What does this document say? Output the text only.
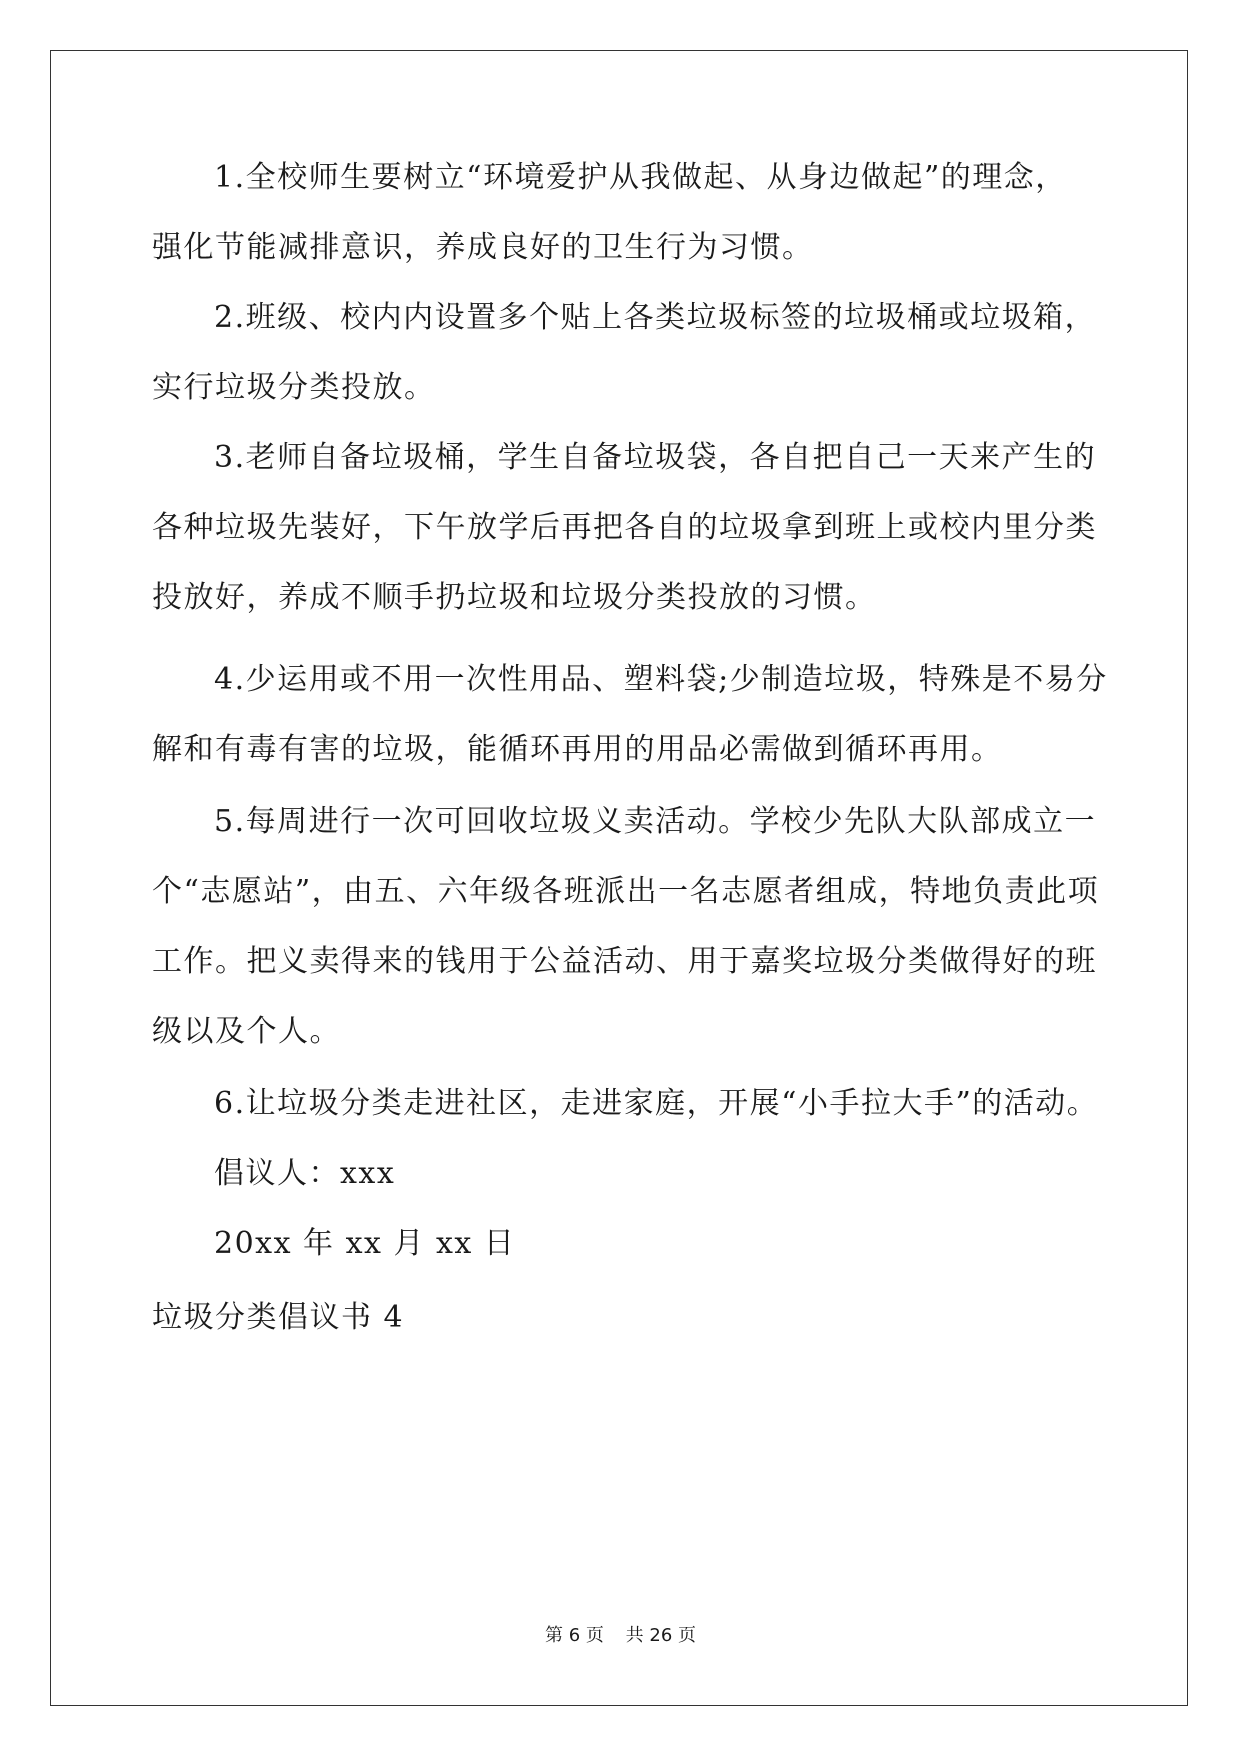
1.全校师生要树立“环境爱护从我做起、从身边做起”的理念，
强化节能减排意识，养成良好的卫生行为习惯。
2.班级、校内内设置多个贴上各类垃圾标签的垃圾桶或垃圾箱，
实行垃圾分类投放。
3.老师自备垃圾桶，学生自备垃圾袋，各自把自己一天来产生的
各种垃圾先装好，下午放学后再把各自的垃圾拿到班上或校内里分类
投放好，养成不顺手扔垃圾和垃圾分类投放的习惯。
4.少运用或不用一次性用品、塑料袋;少制造垃圾，特殊是不易分
解和有毒有害的垃圾，能循环再用的用品必需做到循环再用。
5.每周进行一次可回收垃圾义卖活动。学校少先队大队部成立一
个“志愿站”，由五、六年级各班派出一名志愿者组成，特地负责此项
工作。把义卖得来的钱用于公益活动、用于嘉奖垃圾分类做得好的班
级以及个人。
6.让垃圾分类走进社区，走进家庭，开展“小手拉大手”的活动。
倡议人：xxx
20xx 年 xx 月 xx 日
垃圾分类倡议书 4
第 6 页 共 26 页
